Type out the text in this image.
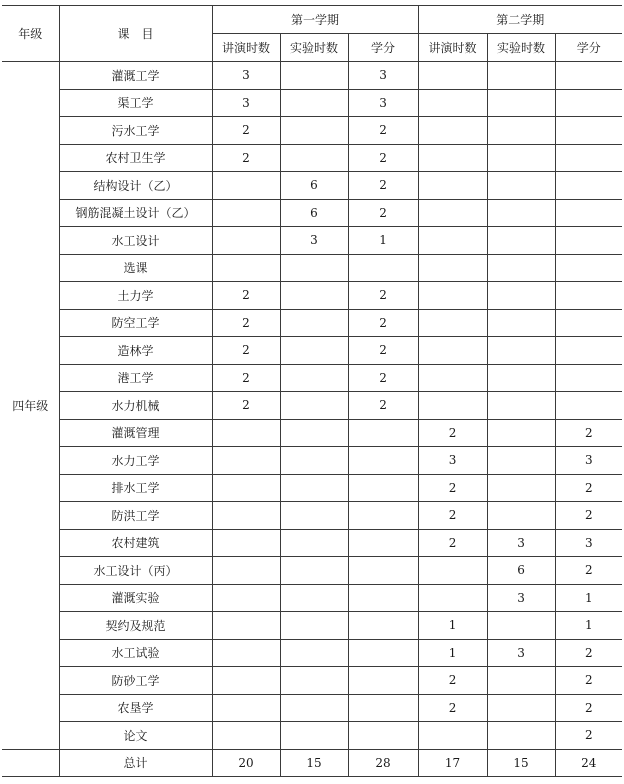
年级	课　目	第一学期			第二学期		
		讲演时数	实验时数	学分	讲演时数	实验时数	学分
四年级	灌溉工学	3		3			
	渠工学	3		3			
	污水工学	2		2			
	农村卫生学	2		2			
	结构设计（乙）		6	2			
	钢筋混凝土设计（乙）		6	2			
	水工设计		3	1			
	选课						
	土力学	2		2			
	防空工学	2		2			
	造林学	2		2			
	港工学	2		2			
	水力机械	2		2			
	灌溉管理				2		2
	水力工学				3		3
	排水工学				2		2
	防洪工学				2		2
	农村建筑				2	3	3
	水工设计（丙）					6	2
	灌溉实验					3	1
	契约及规范				1		1
	水工试验				1	3	2
	防砂工学				2		2
	农垦学				2		2
	论文						2
	总计	20	15	28	17	15	24
